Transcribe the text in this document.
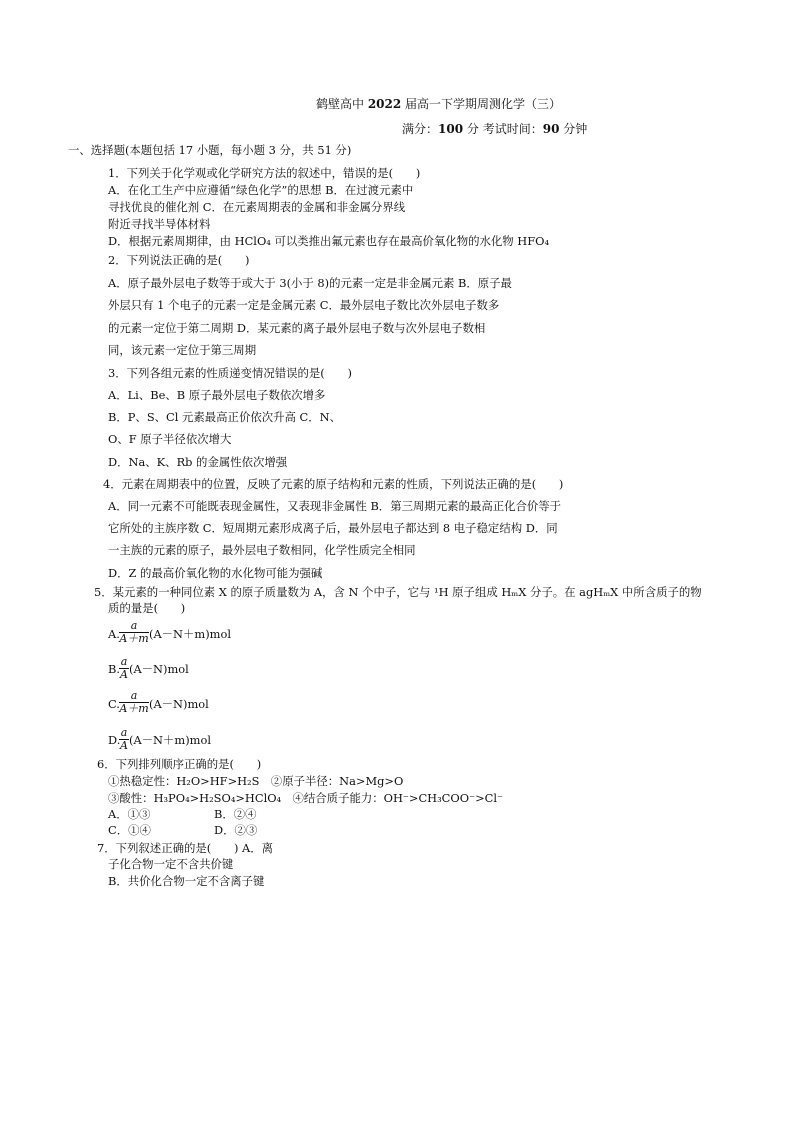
鹤壁高中 2022 届高一下学期周测化学（三）
满分：100 分 考试时间：90 分钟
一、选择题(本题包括 17 小题，每小题 3 分，共 51 分)
1．下列关于化学观或化学研究方法的叙述中，错误的是(　　)
A．在化工生产中应遵循“绿色化学”的思想 B．在过渡元素中
寻找优良的催化剂 C．在元素周期表的金属和非金属分界线
附近寻找半导体材料
D．根据元素周期律，由 HClO₄ 可以类推出氟元素也存在最高价氧化物的水化物 HFO₄
2．下列说法正确的是(　　)
A．原子最外层电子数等于或大于 3(小于 8)的元素一定是非金属元素 B．原子最
外层只有 1 个电子的元素一定是金属元素 C．最外层电子数比次外层电子数多
的元素一定位于第二周期 D．某元素的离子最外层电子数与次外层电子数相
同，该元素一定位于第三周期
3．下列各组元素的性质递变情况错误的是(　　)
A．Li、Be、B 原子最外层电子数依次增多
B．P、S、Cl 元素最高正价依次升高 C．N、
O、F 原子半径依次增大
D．Na、K、Rb 的金属性依次增强
4．元素在周期表中的位置，反映了元素的原子结构和元素的性质，下列说法正确的是(　　)
A．同一元素不可能既表现金属性，又表现非金属性 B．第三周期元素的最高正化合价等于
它所处的主族序数 C．短周期元素形成离子后，最外层电子都达到 8 电子稳定结构 D．同
一主族的元素的原子，最外层电子数相同，化学性质完全相同
D．Z 的最高价氧化物的水化物可能为强碱
5．某元素的一种同位素 X 的原子质量数为 A，含 N 个中子，它与 ¹H 原子组成 HₘX 分子。在 agHₘX 中所含质子的物
质的量是(　　)
A.
a
A＋m (A－N＋m)mol
B.
a
A (A－N)mol
C.
a
A＋m (A－N)mol
D.
a
A (A－N＋m)mol
6．下列排列顺序正确的是(　　)
①热稳定性：H₂O>HF>H₂S　②原子半径：Na>Mg>O
③酸性：H₃PO₄>H₂SO₄>HClO₄　④结合质子能力：OH⁻>CH₃COO⁻>Cl⁻
A．①③	B．②④
C．①④	D．②③
7．下列叙述正确的是(　　) A．离
子化合物一定不含共价键
B．共价化合物一定不含离子键
